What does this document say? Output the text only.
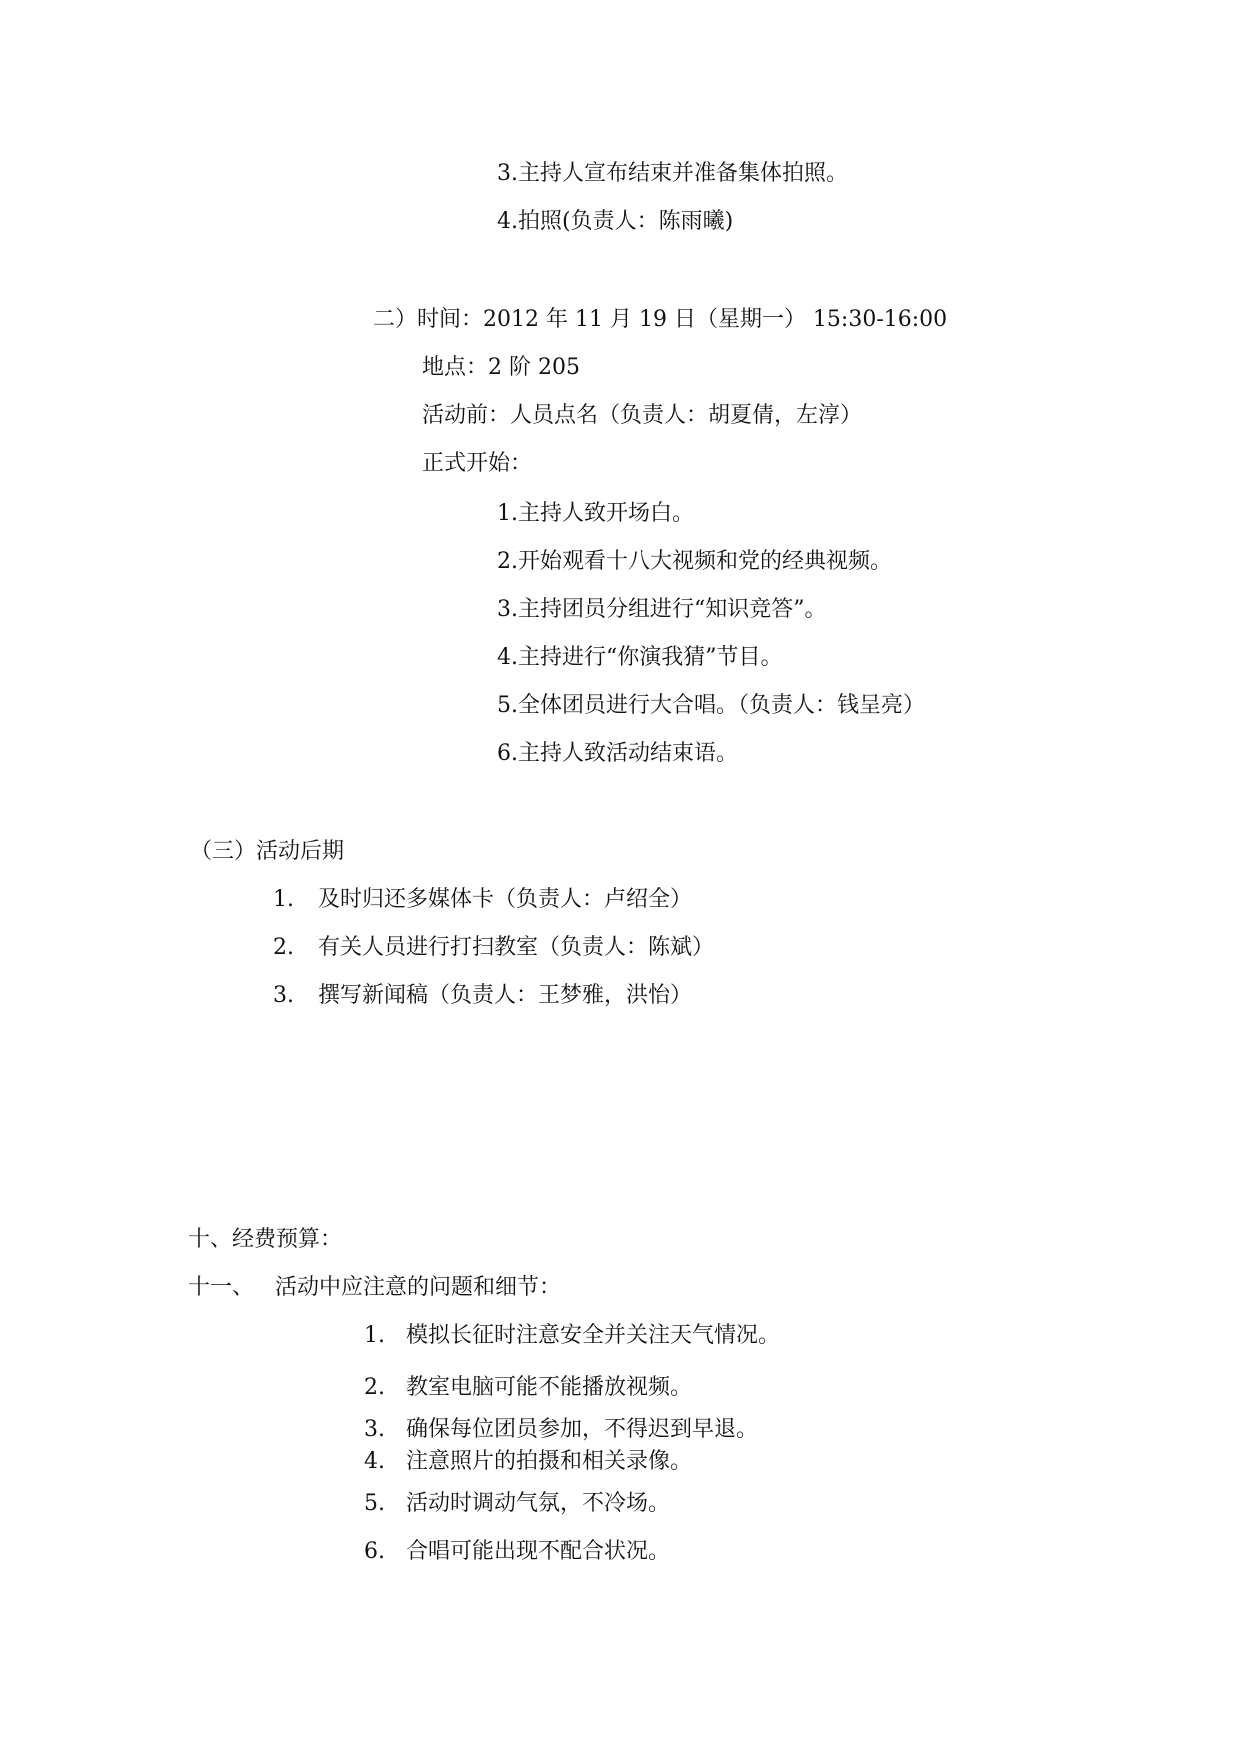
3.主持人宣布结束并准备集体拍照。
4.拍照(负责人：陈雨曦)
二）时间：2012 年 11 月 19 日（星期一） 15:30-16:00
地点：2 阶 205
活动前：人员点名（负责人：胡夏倩，左淳）
正式开始：
1.主持人致开场白。
2.开始观看十八大视频和党的经典视频。
3.主持团员分组进行“知识竞答”。
4.主持进行“你演我猜”节目。
5.全体团员进行大合唱。（负责人：钱呈亮）
6.主持人致活动结束语。
（三）活动后期
1. 及时归还多媒体卡（负责人：卢绍全）
2. 有关人员进行打扫教室（负责人：陈斌）
3. 撰写新闻稿（负责人：王梦雅，洪怡）
十、经费预算：
十一、 活动中应注意的问题和细节：
1. 模拟长征时注意安全并关注天气情况。
2. 教室电脑可能不能播放视频。
3. 确保每位团员参加，不得迟到早退。
4. 注意照片的拍摄和相关录像。
5. 活动时调动气氛，不冷场。
6. 合唱可能出现不配合状况。
